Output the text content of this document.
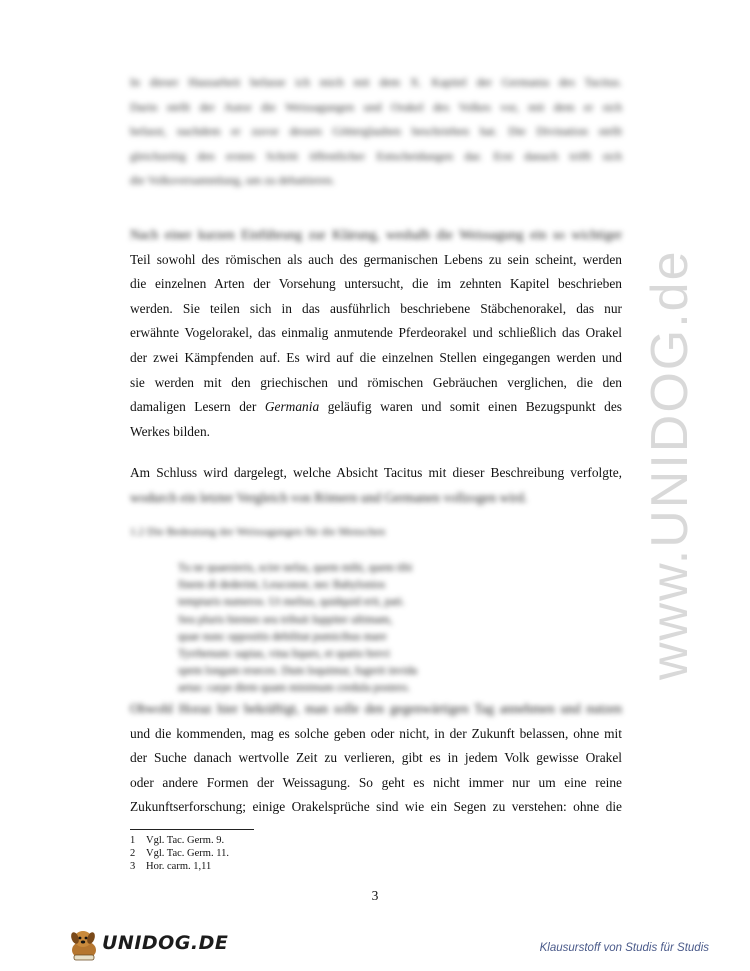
www.UNIDOG.de
In dieser Hausarbeit befasse ich mich mit dem X. Kapitel der Germania des Tacitus.
Darin stellt der Autor die Weissagungen und Orakel des Volkes vor, mit dem er sich
befasst, nachdem er zuvor dessen Götterglauben beschrieben hat. Die Divination stellt
gleichzeitig den ersten Schritt öffentlicher Entscheidungen dar. Erst danach trifft sich
die Volksversammlung, um zu debattieren.
Nach einer kurzen Einführung zur Klärung, weshalb die Weissagung ein so wichtiger
Teil sowohl des römischen als auch des germanischen Lebens zu sein scheint, werden
die einzelnen Arten der Vorsehung untersucht, die im zehnten Kapitel beschrieben
werden. Sie teilen sich in das ausführlich beschriebene Stäbchenorakel, das nur
erwähnte Vogelorakel, das einmalig anmutende Pferdeorakel und schließlich das Orakel
der zwei Kämpfenden auf. Es wird auf die einzelnen Stellen eingegangen werden und
sie werden mit den griechischen und römischen Gebräuchen verglichen, die den
damaligen Lesern der Germania geläufig waren und somit einen Bezugspunkt des
Werkes bilden.
Am Schluss wird dargelegt, welche Absicht Tacitus mit dieser Beschreibung verfolgte,
wodurch ein letzter Vergleich von Römern und Germanen vollzogen wird.
1.2 Die Bedeutung der Weissagungen für die Menschen
Tu ne quaesieris, scire nefas, quem mihi, quem tibi
finem di dederint, Leuconoe, nec Babylonios
temptaris numeros. Ut melius, quidquid erit, pati.
Seu pluris hiemes seu tribuit Iuppiter ultimam,
quae nunc oppositis debilitat pumicibus mare
Tyrrhenum: sapias, vina liques, et spatio brevi
spem longam reseces. Dum loquimur, fugerit invida
aetas: carpe diem quam minimum credula postero.
Obwohl Horaz hier bekräftigt, man solle den gegenwärtigen Tag annehmen und nutzen
und die kommenden, mag es solche geben oder nicht, in der Zukunft belassen, ohne mit
der Suche danach wertvolle Zeit zu verlieren, gibt es in jedem Volk gewisse Orakel
oder andere Formen der Weissagung. So geht es nicht immer nur um eine reine
Zukunftserforschung; einige Orakelsprüche sind wie ein Segen zu verstehen: ohne die
1 Vgl. Tac. Germ. 9.
2 Vgl. Tac. Germ. 11.
3 Hor. carm. 1,11
3
UNIDOG.DE	Klausurstoff von Studis für Studis
